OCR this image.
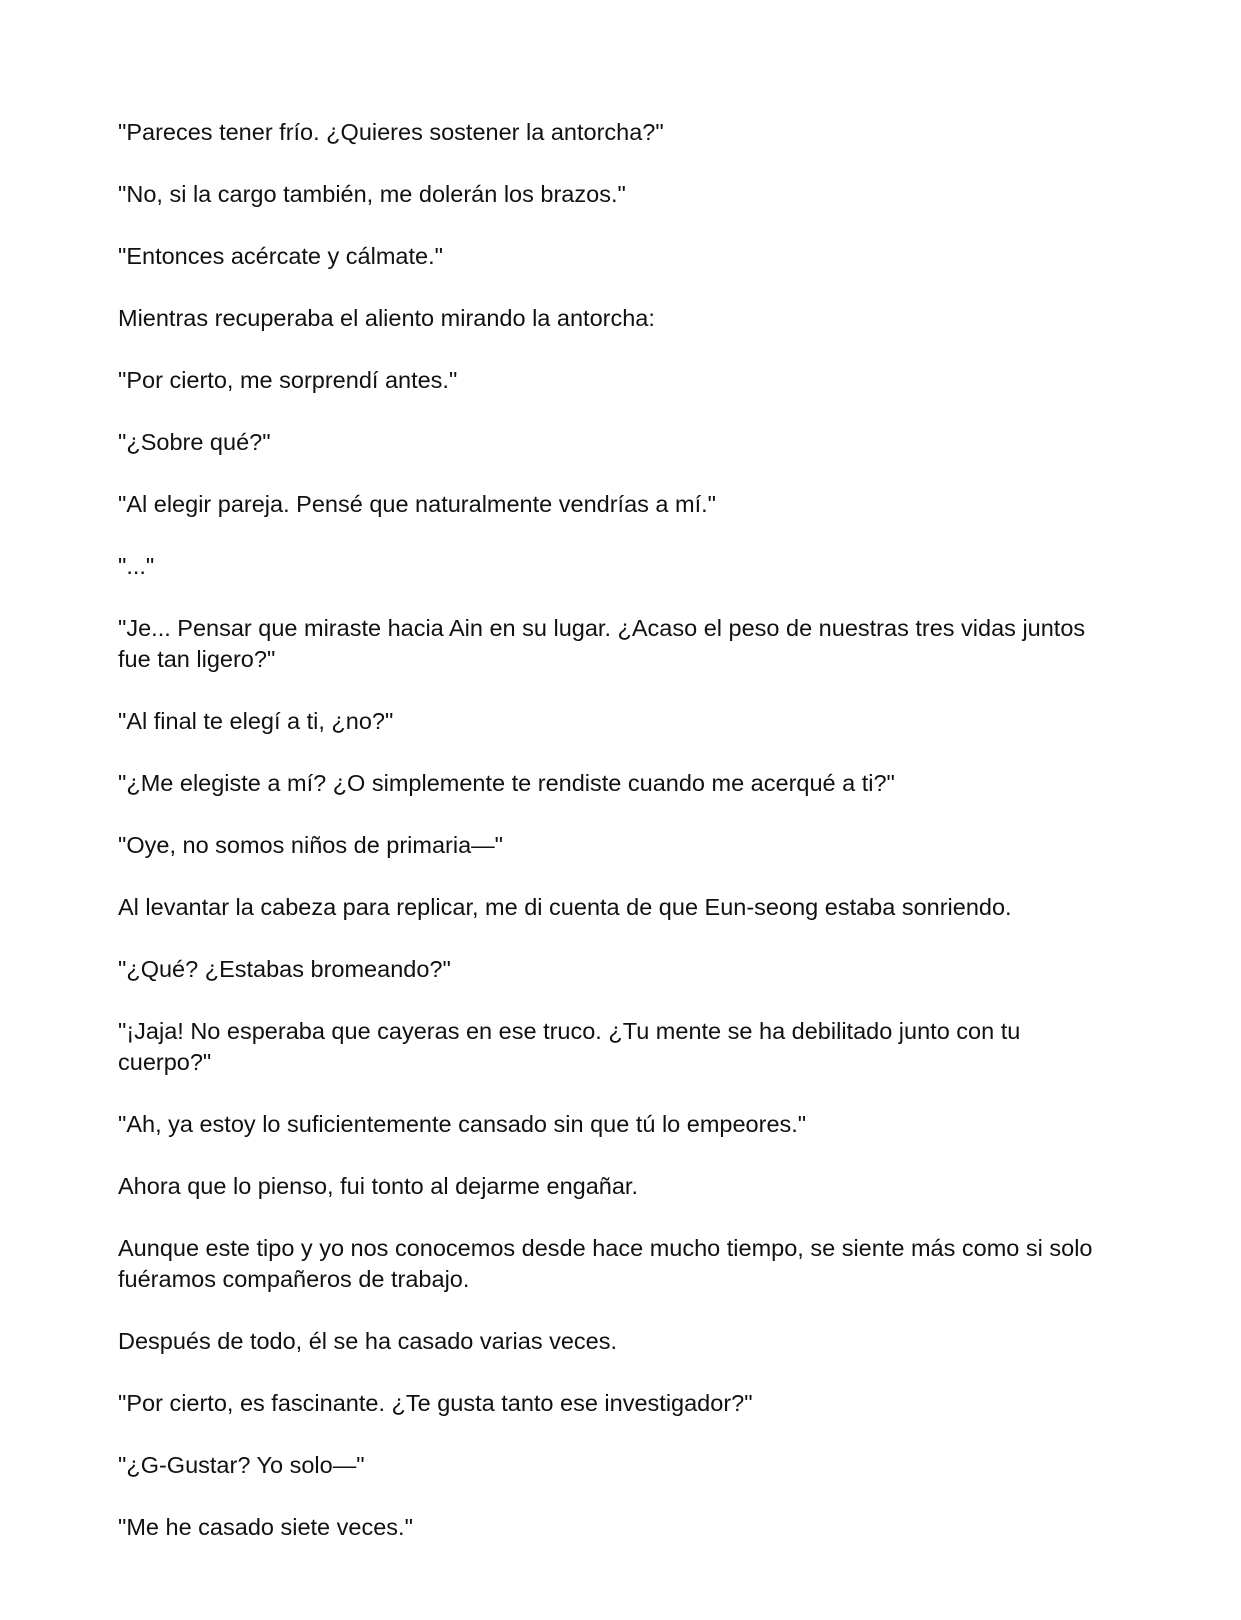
"Pareces tener frío. ¿Quieres sostener la antorcha?"

"No, si la cargo también, me dolerán los brazos."

"Entonces acércate y cálmate."

Mientras recuperaba el aliento mirando la antorcha:

"Por cierto, me sorprendí antes."

"¿Sobre qué?"

"Al elegir pareja. Pensé que naturalmente vendrías a mí."

"..."

"Je... Pensar que miraste hacia Ain en su lugar. ¿Acaso el peso de nuestras tres vidas juntos fue tan ligero?"

"Al final te elegí a ti, ¿no?"

"¿Me elegiste a mí? ¿O simplemente te rendiste cuando me acerqué a ti?"

"Oye, no somos niños de primaria—"

Al levantar la cabeza para replicar, me di cuenta de que Eun-seong estaba sonriendo.

"¿Qué? ¿Estabas bromeando?"

"¡Jaja! No esperaba que cayeras en ese truco. ¿Tu mente se ha debilitado junto con tu cuerpo?"

"Ah, ya estoy lo suficientemente cansado sin que tú lo empeores."

Ahora que lo pienso, fui tonto al dejarme engañar.

Aunque este tipo y yo nos conocemos desde hace mucho tiempo, se siente más como si solo fuéramos compañeros de trabajo.

Después de todo, él se ha casado varias veces.

"Por cierto, es fascinante. ¿Te gusta tanto ese investigador?"

"¿G-Gustar? Yo solo—"

"Me he casado siete veces."
